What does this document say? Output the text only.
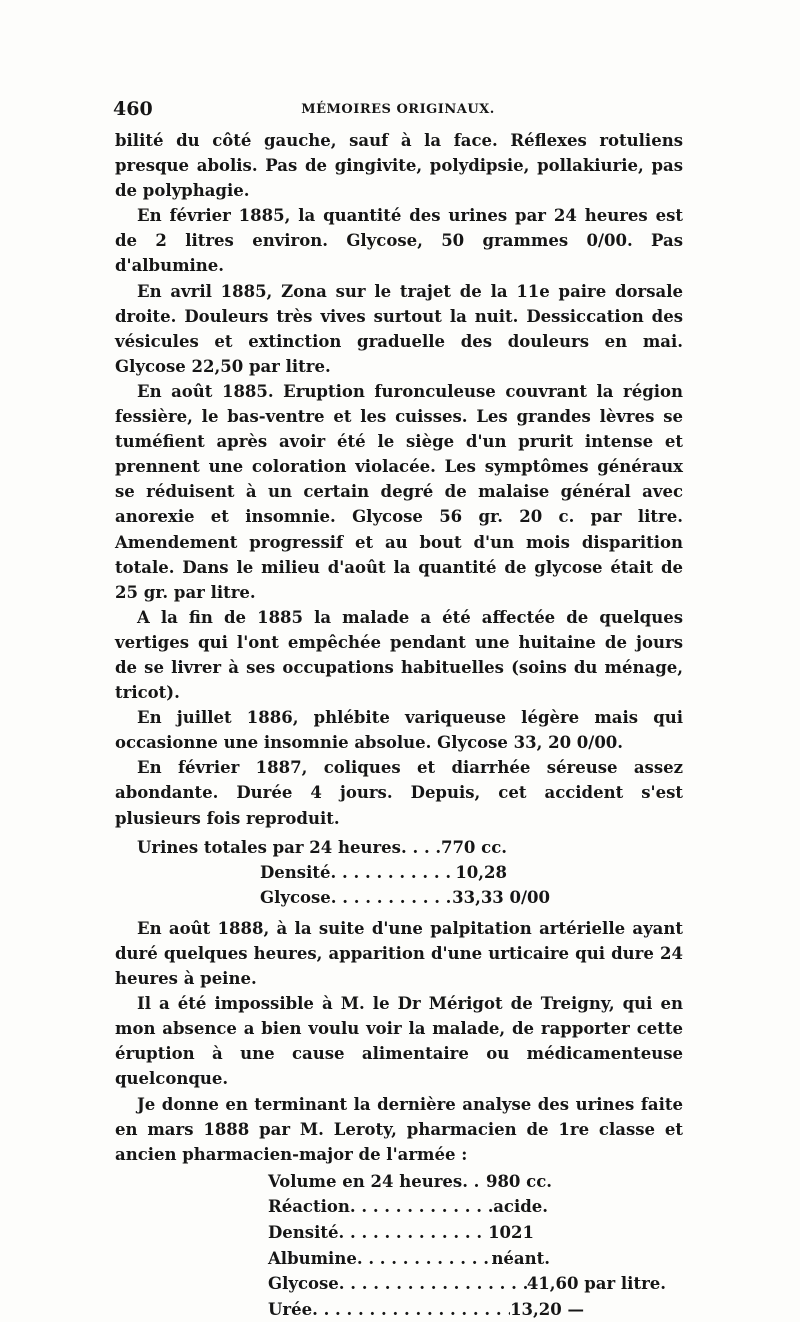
460	MÉMOIRES ORIGINAUX.

bilité du côté gauche, sauf à la face. Réflexes rotuliens presque abolis. Pas de gingivite, polydipsie, pollakiurie, pas de polyphagie.

En février 1885, la quantité des urines par 24 heures est de 2 litres environ. Glycose, 50 grammes 0/00. Pas d'albumine.

En avril 1885, Zona sur le trajet de la 11e paire dorsale droite. Douleurs très vives surtout la nuit. Dessiccation des vésicules et extinction graduelle des douleurs en mai. Glycose 22,50 par litre.

En août 1885. Eruption furonculeuse couvrant la région fessière, le bas-ventre et les cuisses. Les grandes lèvres se tuméfient après avoir été le siège d'un prurit intense et prennent une coloration violacée. Les symptômes généraux se réduisent à un certain degré de malaise général avec anorexie et insomnie. Glycose 56 gr. 20 c. par litre. Amendement progressif et au bout d'un mois disparition totale. Dans le milieu d'août la quantité de glycose était de 25 gr. par litre.

A la fin de 1885 la malade a été affectée de quelques vertiges qui l'ont empêchée pendant une huitaine de jours de se livrer à ses occupations habituelles (soins du ménage, tricot).

En juillet 1886, phlébite variqueuse légère mais qui occasionne une insomnie absolue. Glycose 33, 20 0/00.

En février 1887, coliques et diarrhée séreuse assez abondante. Durée 4 jours. Depuis, cet accident s'est plusieurs fois reproduit.

Urines totales par 24 heures . . . 770 cc.
Densité . . .	10,28
Glycose . . .	33,33 0/00

En août 1888, à la suite d'une palpitation artérielle ayant duré quelques heures, apparition d'une urticaire qui dure 24 heures à peine.

Il a été impossible à M. le Dr Mérigot de Treigny, qui en mon absence a bien voulu voir la malade, de rapporter cette éruption à une cause alimentaire ou médicamenteuse quelconque.

Je donne en terminant la dernière analyse des urines faite en mars 1888 par M. Leroty, pharmacien de 1re classe et ancien pharmacien-major de l'armée :

Volume en 24 heures . . . 980 cc.
Réaction . . .	acide.
Densité . . .	1021
Albumine . . .	néant.
Glycose . . .	41,60 par litre.
Urée . . .	13,20 —
